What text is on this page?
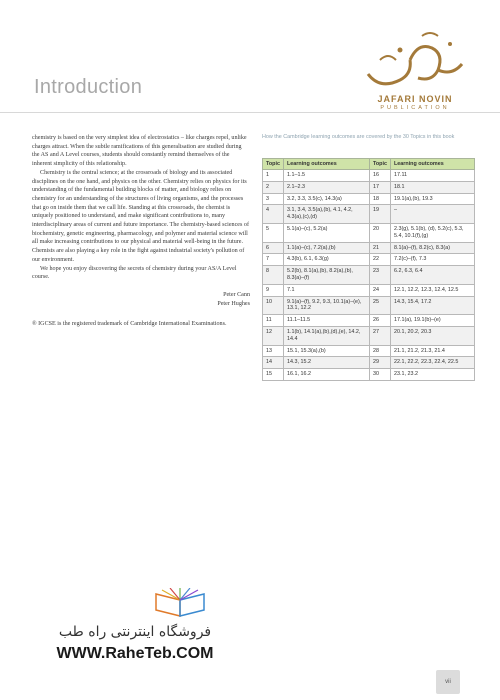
Introduction
JAFARI NOVIN
PUBLICATION

chemistry is based on the very simplest idea of electrostatics – like charges repel, unlike charges attract. When the subtle ramifications of this generalisation are studied during the AS and A Level courses, students should constantly remind themselves of the inherent simplicity of this relationship.

Chemistry is the central science; at the crossroads of biology and its associated disciplines on the one hand, and physics on the other. Chemistry relies on physics for its understanding of the fundamental building blocks of matter, and biology relies on chemistry for an understanding of the structures of living organisms, and the processes that go on inside them that we call life. Standing at this crossroads, the chemist is uniquely positioned to understand, and make significant contributions to, many interdisciplinary areas of current and future importance. The chemistry-based sciences of biochemistry, genetic engineering, pharmacology, and polymer and material science will all make increasing contributions to our physical and material well-being in the future. Chemists are also playing a key role in the fight against industrial society's pollution of our environment.

We hope you enjoy discovering the secrets of chemistry during your AS/A Level course.

Peter Cann

Peter Hughes

® IGCSE is the registered trademark of Cambridge International Examinations.

How the Cambridge learning outcomes are covered by the 30 Topics in this book
Topic	Learning outcomes	Topic	Learning outcomes
1	1.1–1.5	16	17.11
2	2.1–2.3	17	18.1
3	3.2, 3.3, 3.5(c), 14.3(a)	18	19.1(a),(b), 19.3
4	3.1, 3.4, 3.5(a),(b), 4.1, 4.2, 4.3(a),(c),(d)	19	–
5	5.1(a)–(c), 5.2(a)	20	2.3(g), 5.1(b), (d), 5.2(c), 5.3, 5.4, 10.1(f),(g)
6	1.1(a)–(c), 7.2(a),(b)	21	8.1(a)–(f), 8.2(c), 8.3(a)
7	4.3(b), 6.1, 6.3(g)	22	7.2(c)–(f), 7.3
8	5.2(b), 8.1(a),(b), 8.2(a),(b), 8.3(a)–(f)	23	6.2, 6.3, 6.4
9	7.1	24	12.1, 12.2, 12.3, 12.4, 12.5
10	9.1(a)–(f), 9.2, 9.3, 10.1(a)–(e), 13.1, 12.2	25	14.3, 15.4, 17.2
11	11.1–11.5	26	17.1(a), 19.1(b)–(e)
12	1.1(b), 14.1(a),(b),(d),(e), 14.2, 14.4	27	20.1, 20.2, 20.3
13	15.1, 15.3(a),(b)	28	21.1, 21.2, 21.3, 21.4
14	14.3, 15.2	29	22.1, 22.2, 22.3, 22.4, 22.5
15	16.1, 16.2	30	23.1, 23.2
فروشگاه اینترنتی راه طب
WWW.RaheTeb.COM
vii
